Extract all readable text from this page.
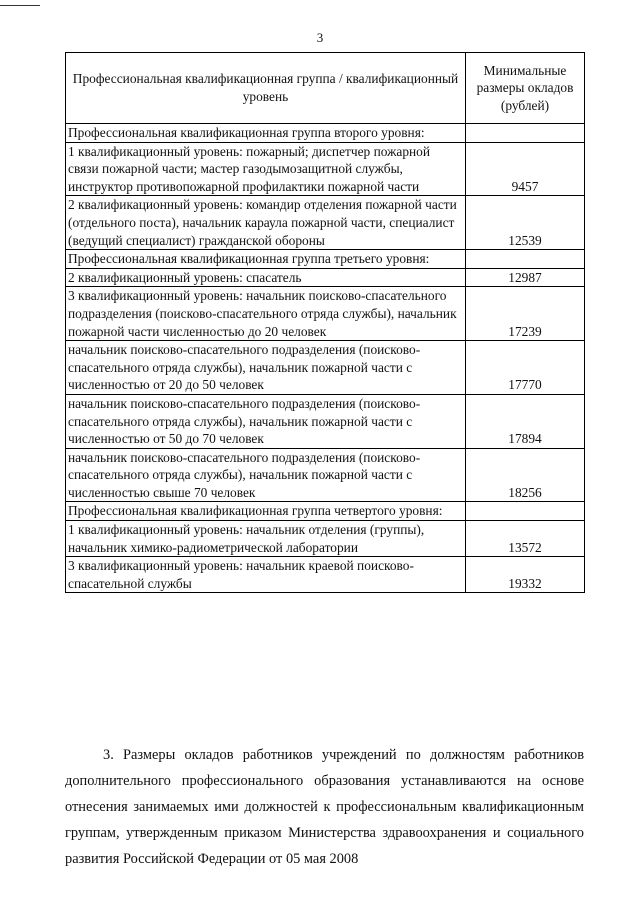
3
Профессиональная квалификационная группа / квалификационный уровень	Минимальные размеры окладов (рублей)
Профессиональная квалификационная группа второго уровня:	
1 квалификационный уровень: пожарный; диспетчер пожарной связи пожарной части; мастер газодымозащитной службы, инструктор противопожарной профилактики пожарной части	9457
2 квалификационный уровень: командир отделения пожарной части (отдельного поста), начальник караула пожарной части, специалист (ведущий специалист) гражданской обороны	12539
Профессиональная квалификационная группа третьего уровня:	
2 квалификационный уровень: спасатель	12987
3 квалификационный уровень: начальник поисково-спасательного подразделения (поисково-спасательного отряда службы), начальник пожарной части численностью до 20 человек	17239
начальник поисково-спасательного подразделения (поисково-спасательного отряда службы), начальник пожарной части с численностью от 20 до 50 человек	17770
начальник поисково-спасательного подразделения (поисково-спасательного отряда службы), начальник пожарной части с численностью от 50 до 70 человек	17894
начальник поисково-спасательного подразделения (поисково-спасательного отряда службы), начальник пожарной части с численностью свыше 70 человек	18256
Профессиональная квалификационная группа четвертого уровня:	
1 квалификационный уровень: начальник отделения (группы), начальник химико-радиометрической лаборатории	13572
3 квалификационный уровень: начальник краевой поисково-спасательной службы	19332

3. Размеры окладов работников учреждений по должностям работников дополнительного профессионального образования устанавливаются на основе отнесения занимаемых ими должностей к профессиональным квалификационным группам, утвержденным приказом Министерства здравоохранения и социального развития Российской Федерации от 05 мая 2008
